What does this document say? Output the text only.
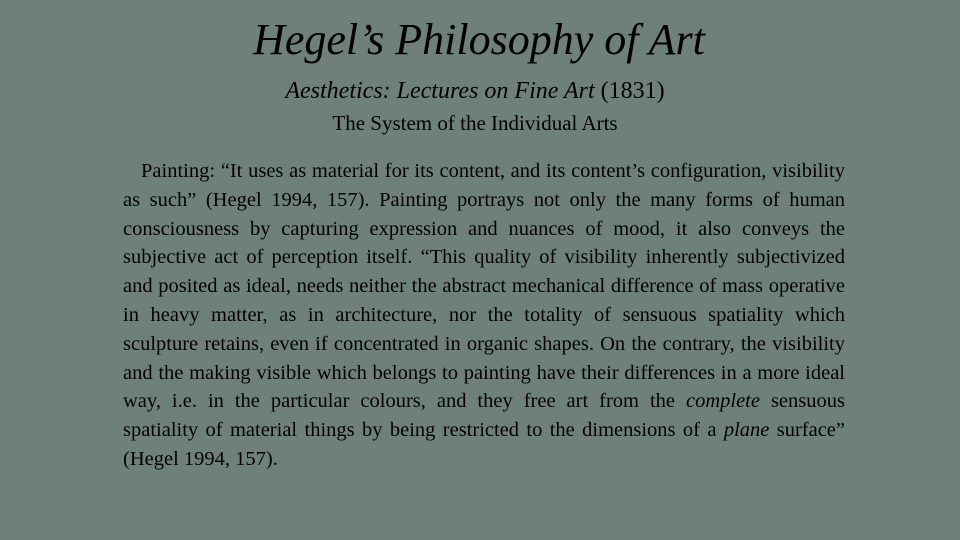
Hegel’s Philosophy of Art

Aesthetics: Lectures on Fine Art (1831)

The System of the Individual Arts

Painting: “It uses as material for its content, and its content’s configuration, visibility as such” (Hegel 1994, 157). Painting portrays not only the many forms of human consciousness by capturing expression and nuances of mood, it also conveys the subjective act of perception itself. “This quality of visibility inherently subjectivized and posited as ideal, needs neither the abstract mechanical difference of mass operative in heavy matter, as in architecture, nor the totality of sensuous spatiality which sculpture retains, even if concentrated in organic shapes. On the contrary, the visibility and the making visible which belongs to painting have their differences in a more ideal way, i.e. in the particular colours, and they free art from the complete sensuous spatiality of material things by being restricted to the dimensions of a plane surface” (Hegel 1994, 157).
